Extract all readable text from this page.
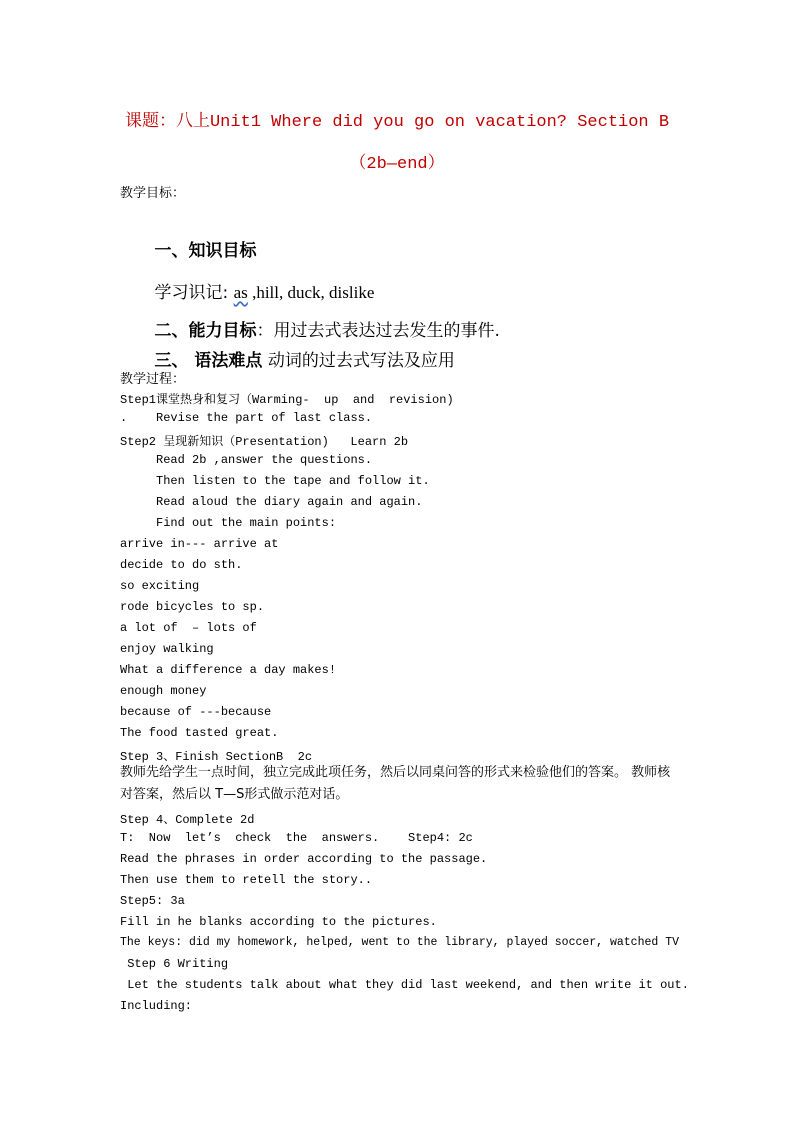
课题：八上Unit1 Where did you go on vacation? Section B
（2b—end）
教学目标：

一、知识目标

学习识记: as ,hill, duck, dislike

二、能力目标：用过去式表达过去发生的事件.

三、 语法难点 动词的过去式写法及应用

教学过程：
Step1课堂热身和复习（Warming-  up  and  revision)
.    Revise the part of last class.
Step2 呈现新知识（Presentation)   Learn 2b
Read 2b ,answer the questions.
Then listen to the tape and follow it.
Read aloud the diary again and again.
Find out the main points:
arrive in--- arrive at
decide to do sth.
so exciting
rode bicycles to sp.
a lot of  – lots of
enjoy walking
What a difference a day makes!
enough money
because of ---because
The food tasted great.
Step 3、Finish SectionB  2c
教师先给学生一点时间，独立完成此项任务，然后以同桌问答的形式来检验他们的答案。 教师核对答案，然后以 T—S形式做示范对话。
Step 4、Complete 2d
T:  Now  let’s  check  the  answers.    Step4: 2c
Read the phrases in order according to the passage.
Then use them to retell the story..
Step5: 3a
Fill in he blanks according to the pictures.
The keys: did my homework, helped, went to the library, played soccer, watched TV
Step 6 Writing
Let the students talk about what they did last weekend, and then write it out.
Including:
